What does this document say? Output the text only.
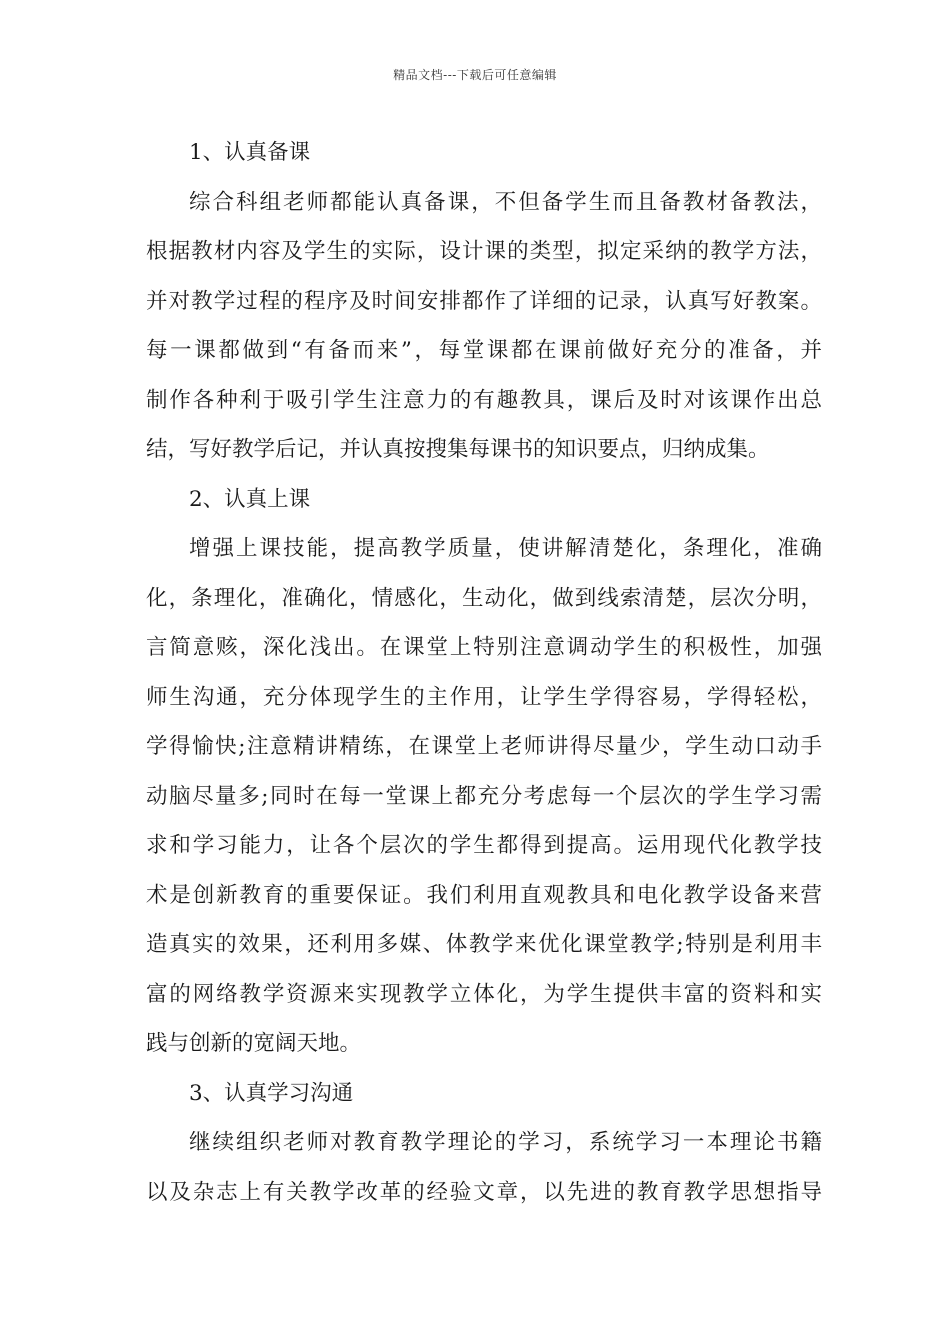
精品文档---下载后可任意编辑
1、认真备课
综合科组老师都能认真备课，不但备学生而且备教材备教法，
根据教材内容及学生的实际，设计课的类型，拟定采纳的教学方法，
并对教学过程的程序及时间安排都作了详细的记录，认真写好教案。
每一课都做到“有备而来”，每堂课都在课前做好充分的准备，并
制作各种利于吸引学生注意力的有趣教具，课后及时对该课作出总
结，写好教学后记，并认真按搜集每课书的知识要点，归纳成集。
2、认真上课
增强上课技能，提高教学质量，使讲解清楚化，条理化，准确
化，条理化，准确化，情感化，生动化，做到线索清楚，层次分明，
言简意赅，深化浅出。在课堂上特别注意调动学生的积极性，加强
师生沟通，充分体现学生的主作用，让学生学得容易，学得轻松，
学得愉快;注意精讲精练，在课堂上老师讲得尽量少，学生动口动手
动脑尽量多;同时在每一堂课上都充分考虑每一个层次的学生学习需
求和学习能力，让各个层次的学生都得到提高。运用现代化教学技
术是创新教育的重要保证。我们利用直观教具和电化教学设备来营
造真实的效果，还利用多媒、体教学来优化课堂教学;特别是利用丰
富的网络教学资源来实现教学立体化，为学生提供丰富的资料和实
践与创新的宽阔天地。
3、认真学习沟通
继续组织老师对教育教学理论的学习，系统学习一本理论书籍
以及杂志上有关教学改革的经验文章，以先进的教育教学思想指导
